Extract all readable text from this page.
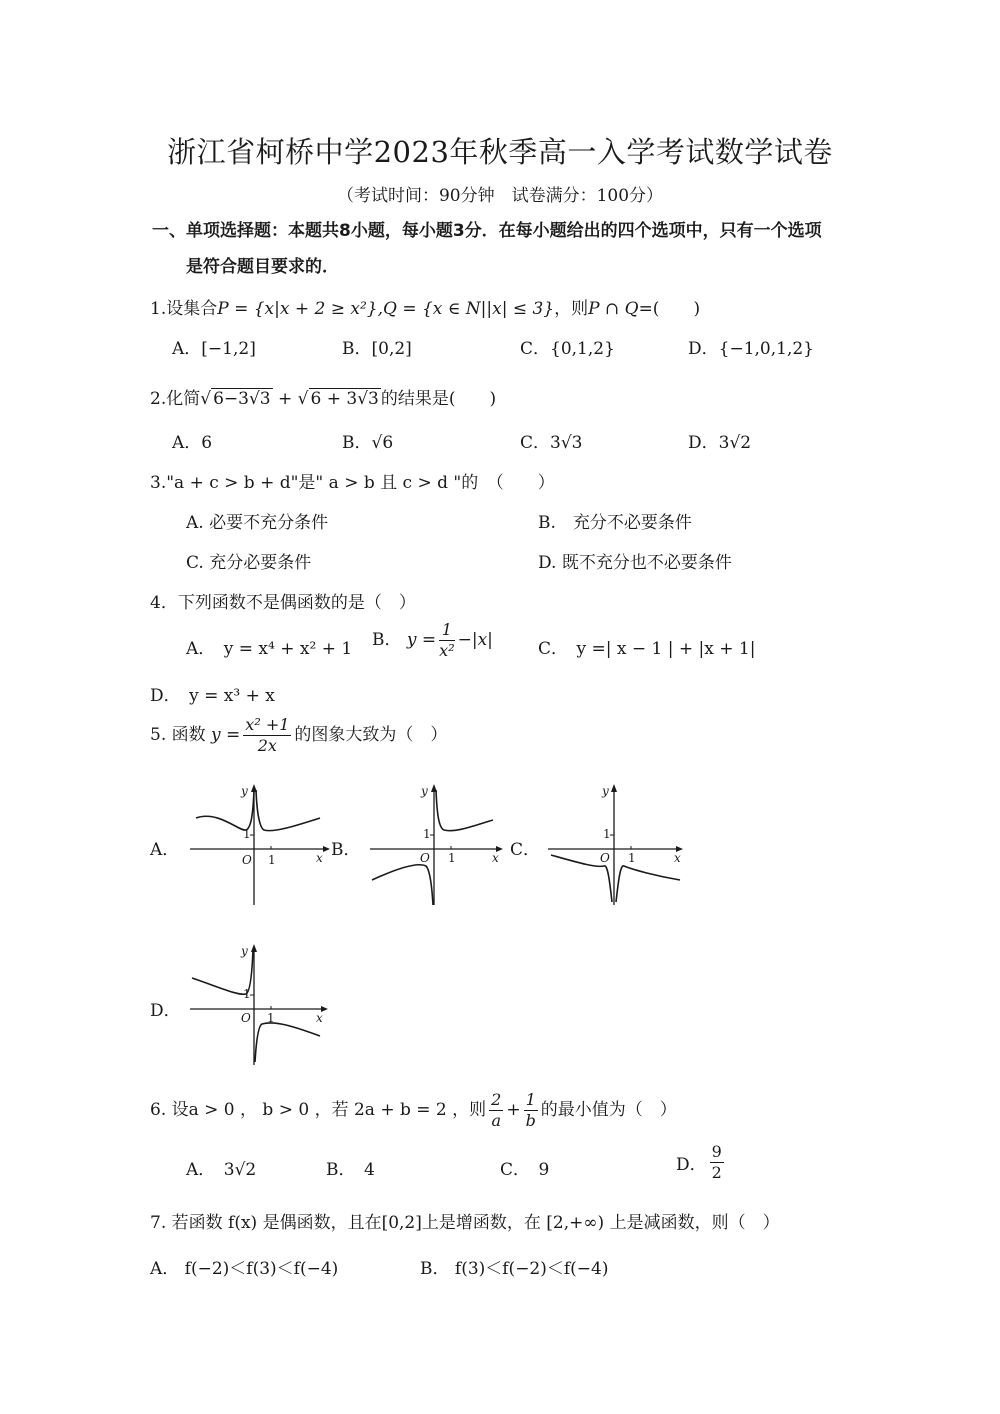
浙江省柯桥中学2023年秋季高一入学考试数学试卷
（考试时间：90分钟　试卷满分：100分）
一、单项选择题：本题共8小题，每小题3分．在每小题给出的四个选项中，只有一个选项
是符合题目要求的．
1.设集合P = {x|x + 2 ≥ x²},Q = {x ∈ N||x| ≤ 3}，则P ∩ Q=(　　)
A．[−1,2]	B．[0,2]	C．{0,1,2}	D．{−1,0,1,2}
2.化简√ 6−3√3 + √ 6 + 3√3 的结果是(　　)
A．6	B．√6	C．3√3	D．3√2
3."a + c > b + d"是" a > b 且 c > d "的　（　　）
A. 必要不充分条件	B.　充分不必要条件
C. 充分必要条件	D. 既不充分也不必要条件
4．下列函数不是偶函数的是（　）
A．　y = x⁴ + x² + 1 B． $y = \frac{1}{\text{x²}} -|x|$	C．　y =| x − 1 | + |x + 1|
D．　y = x³ + x
5. 函数 $y = \frac{\text{x² +1}}{2x}$ 的图象大致为（　）
A．
y
x
O
1
1	B．
y
x
O
1
1	C．
y
x
O
1
1
D．
y
x
O
1
1
6. 设a > 0 ， b > 0 ，若 2a + b = 2 ，则 $\frac{2}{a} + \frac{1}{b}$ 的最小值为（　）
A．　3√2	B．　4	C．　9	D． $\frac{9}{2}$
7. 若函数 f(x) 是偶函数，且在[0,2]上是增函数，在 [2,+∞) 上是减函数，则（　）
A． f(−2)＜f(3)＜f(−4)	B． f(3)＜f(−2)＜f(−4)
